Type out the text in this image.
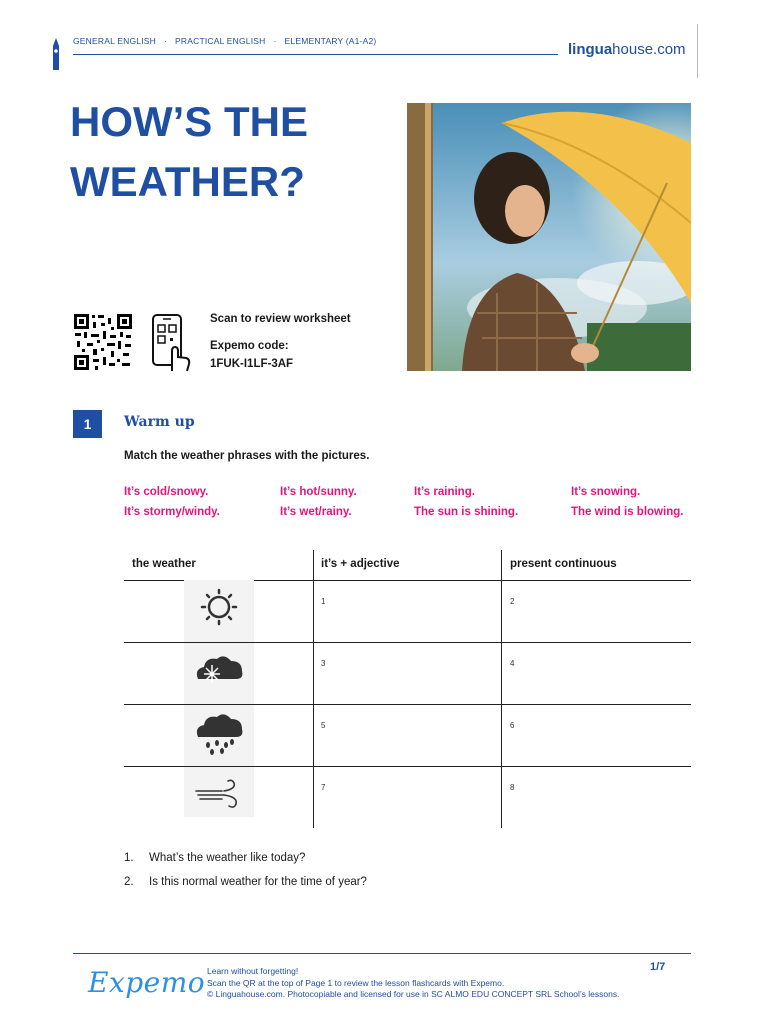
GENERAL ENGLISH · PRACTICAL ENGLISH · ELEMENTARY (A1-A2)	linguahouse.com
HOW’S THE
WEATHER?
Scan to review worksheet
Expemo code:
1FUK-I1LF-3AF
1	Warm up
Match the weather phrases with the pictures.
It’s cold/snowy.	It’s hot/sunny.	It’s raining.	It’s snowing.
It’s stormy/windy.	It’s wet/rainy.	The sun is shining.	The wind is blowing.
the weather	it’s + adjective	present continuous
1	2
3	4
5	6
7	8
1. What’s the weather like today?
2. Is this normal weather for the time of year?
Expemo Learn without forgetting!
Scan the QR at the top of Page 1 to review the lesson flashcards with Expemo.
© Linguahouse.com. Photocopiable and licensed for use in SC ALMO EDU CONCEPT SRL School’s lessons.
1/7
